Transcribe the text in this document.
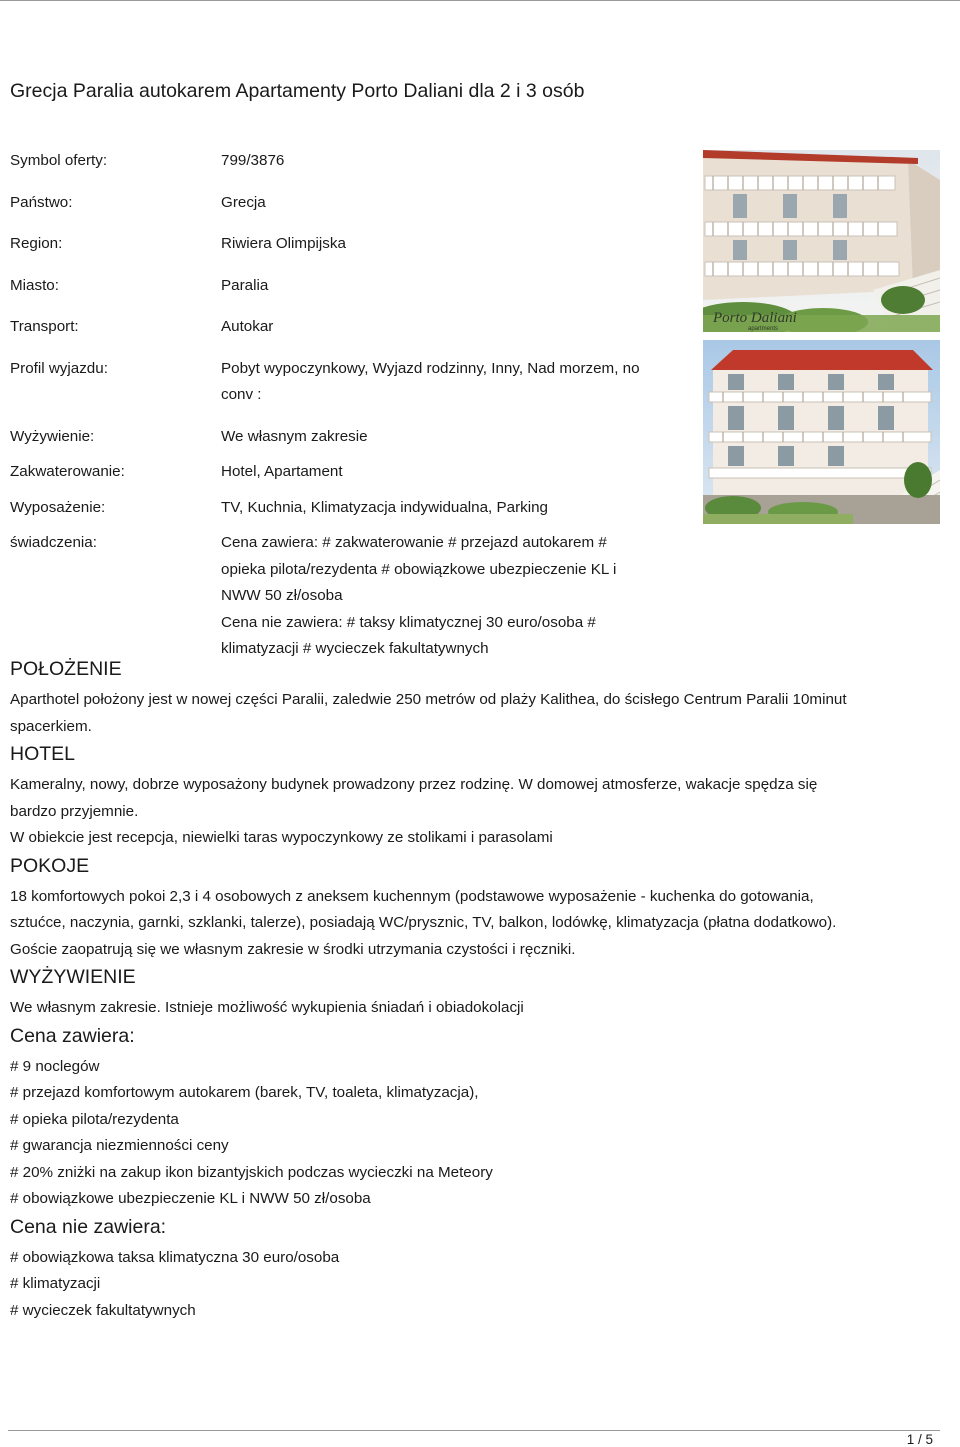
Grecja Paralia autokarem Apartamenty Porto Daliani dla 2 i 3 osób
Symbol oferty:	799/3876
Państwo:	Grecja
Region:	Riwiera Olimpijska
Miasto:	Paralia
Transport:	Autokar
Profil wyjazdu:	Pobyt wypoczynkowy, Wyjazd rodzinny, Inny, Nad morzem, no
conv :
Wyżywienie:	We własnym zakresie
Zakwaterowanie:	Hotel, Apartament
Wyposażenie:	TV, Kuchnia, Klimatyzacja indywidualna, Parking
świadczenia:	Cena zawiera: # zakwaterowanie # przejazd autokarem #
opieka pilota/rezydenta # obowiązkowe ubezpieczenie KL i
NWW 50 zł/osoba
Cena nie zawiera: # taksy klimatycznej 30 euro/osoba #
klimatyzacji # wycieczek fakultatywnych
Porto Daliani
apartments
POŁOŻENIE

Aparthotel położony jest w nowej części Paralii, zaledwie 250 metrów od plaży Kalithea, do ścisłego Centrum Paralii 10minut

spacerkiem.

HOTEL

Kameralny, nowy, dobrze wyposażony budynek prowadzony przez rodzinę. W domowej atmosferze, wakacje spędza się

bardzo przyjemnie.

W obiekcie jest recepcja, niewielki taras wypoczynkowy ze stolikami i parasolami

POKOJE

18 komfortowych pokoi 2,3 i 4 osobowych z aneksem kuchennym (podstawowe wyposażenie - kuchenka do gotowania,

sztućce, naczynia, garnki, szklanki, talerze), posiadają WC/prysznic, TV, balkon, lodówkę, klimatyzacja (płatna dodatkowo).

Goście zaopatrują się we własnym zakresie w środki utrzymania czystości i ręczniki.

WYŻYWIENIE

We własnym zakresie. Istnieje możliwość wykupienia śniadań i obiadokolacji

Cena zawiera:
# 9 noclegów
# przejazd komfortowym autokarem (barek, TV, toaleta, klimatyzacja),
# opieka pilota/rezydenta
# gwarancja niezmienności ceny
# 20% zniżki na zakup ikon bizantyjskich podczas wycieczki na Meteory
# obowiązkowe ubezpieczenie KL i NWW 50 zł/osoba
Cena nie zawiera:
# obowiązkowa taksa klimatyczna 30 euro/osoba
# klimatyzacji
# wycieczek fakultatywnych
1 / 5
